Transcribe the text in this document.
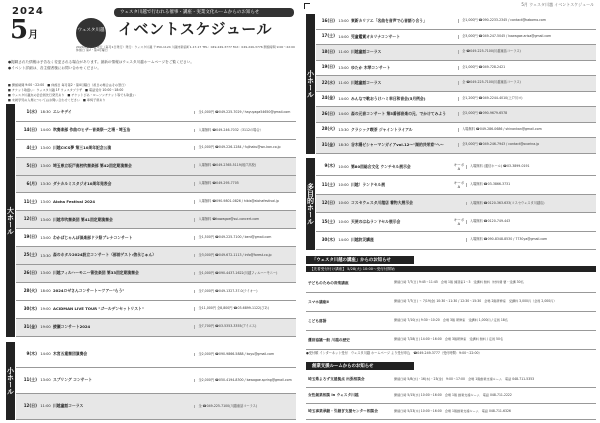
5月 ウェスタ川越 イベントスケジュール
2024
5月	ウェスタ川越
ウェスタ川越で行われる催事・講座・実業文化ルームからのお知らせ
イベントスケジュール
2024年5月1日発行（毎月1日発行）発行：ウェスタ川越 〒350-1124 川越市新宿町1-17-17 TEL：049-249-3777 FAX：049-249-3776 開館時間 9:00～22:00 休館日 第2・第4月曜日
●掲載された情報は予告なく変更される場合があります。最新の情報はウェスタ川越ホームページをご覧ください。
●イベント詳細は、各主催者様にお問い合わせください。
■ 開館時間 9:00～22:00　■ 休館日 毎月第2・第4月曜日（祝日の場合はその翌日）
■ チケット取扱い：ウェスタ川越 1F ウェスタプラザ　■ 電話受付 10:00～18:00
■ ウェスタ川越友の会会員先行発売あり　■ チケットぴあ・ローソンチケット等でも取扱い
■ 未就学児の入場についてはお問い合わせください　■ 車椅子席あり
大ホール
1(水) 18:30 エレキデイ	全1,000円 ☎049-225-7029 / hayuyaga54650@gmail.com
14(日) 14:00 吹奏楽部 作曲のヒザー音楽祭一之場・埼玉治	入場無料 ☎049-246-7032（3112の場合）
4(土) 13:00 川越CICS夢 第三10周年記念公演	全1,000円 ☎049-226-1284 / fujihaku@wn-kan.co.jp
5(日) 13:00 埼玉県立坂戸高校吹奏楽部 第42回定期演奏会	入場無料 ☎049-2365-5119(坂戸高校)
6(月) 13:30 ダナカルミスタジオ10周年発表会	入場無料 ☎049-295-7705
11(土) 13:00 Aloha Festival 2024	入場無料 ☎090-9801-0826 / hibis@alohafestival.jp
12(日) 13:00 川越市吹奏楽団 第41回定期演奏会	入場無料 ☎kawagoe@sui-concert.com
19(日) 13:00 わかばじゃんぼ倶楽部ドラ祭プレナコンサート	全1,500円 ☎049-225-7100 / beni@gmail.com
25(土) 13:30 森のホタル2024設立コンサート（部前ゲスト:信永じゅん）	全3,000円 ☎049-672-1113 / info@forest.co.jp
26(日) 13:00 川越フィルハーモニー管弦楽団 第33回定期演奏会	全1,000円 ☎090-4437-1622(川越フィルハーモニー)
28(火) 18:00 2024ロゼさんコンサート〜ツアー"らう"	全7,000円 ☎049-1327-37.0(テイオー)
30(木) 19:00 ACIDMAN LIVE TOUR "ゴールデンセットリスト"	全11,000円 全8,800円 ☎03-6899-1122(ぴあ)
31(金) 19:00 綾瀬コンサート2024	全7,700円 ☎03-5353-3355(アイエス)
小ホール
9(木) 14:00 木宮五重奏団演奏会	全2,000円 ☎090-9866-5888 / koyu@gmail.com
11(土) 13:00 スプリング コンサート	全2,000円 ☎050-4194-8300 / kawagoe.spring@gmail.com
12(日) 11:00 川越童話コーラス	全 ☎049-225-7100(川越童話コーラス)
小ホール
16(日) 13:00 東新カリソエ「名曲を音声で心音語り合う」	全1,000円 ☎090-2233-2345 / contact@kabomo.com
17(土) 14:00 児童鑑賞オカリナコンサート	全3,000円 ☎049-247-5045 / kawagoe.arisa@gmail.com
18(日) 11:00 川越童話コーラス	全 ☎049-225-7100(川越童話コーラス)
19(日) 13:00 ゆたか 木琴コンサート	全1,000円 ☎049-728-2421
22(水) 11:00 川越童話コーラス	全 ☎049-225-7100(川越童話コーラス)
24(金) 14:00 みんなで歌おうけハミ幸日和音会(5月例会)	全1,200円 ☎049-2244-4010(上戸川ヨ)
26(日) 14:00 森の元音コンサート 第5番部音楽の元、でかけてみよう	全2,000円 ☎090-9679-6578
28(火) 13:30 クラシック喫茶 ジャイントライアル	入場無料 ☎049-286-0686 / shinonkan@gmail.com
31(金) 18:30 谷木陽ビシャーマンガイアvol.12〜"湖的共栄家"へ〜	全3,000円 ☎049-246-7943 / contact@ocarina.jp
多目的ホール
9(木) 10:00 第80回総合文化 ウンチセル展示会	キーボ A
入場無料 (通信ホール) ☎03-3899-0191
11(土) 10:00 川越！ランドセル展	キーボ A
入場無料 ☎03-3866-3731
12(日) 10:00 コスセウェスタ川越店 着物大展示会	入場無料 ☎0120-363-633(コスセウェスタ川越店)
15(土) 10:00 天使のはねランドセル展示会	キーボ A
入場無料 ☎0120-749-443
30(木) 14:00 川越防災講座	入場無料 ☎090-8348-8530 / 7730ya@gmail.com
「ウェスタ川越の講座」からのお知らせ
【先着受付付け講座】 5/28(火) 10:00〜受付付開始
子どものための音楽講座	開催日時 7/7(日) 9:45〜11:45　会場 1階 練習室1〜3　受講料 無料（材料費 要・受講 30名
スマホ講座Ⅱ	開催日時 7/7(日) 〜 7/19(金) 10:30〜11:30 / 12:30〜15:30　会場 2階研修室　受講料 3,000円（会員 2,000円）
こども落語	開催日時 7/10(水) 9:30〜10:20　会場 3階 研修室　受講料 1,000円 / 定員 18名
運営協議一般 川越の歴史	開催日時 7/28(日) 14:00〜16:00　会場 3階研修室　受講料 無料 / 定員 50名
●受付順 インターネット受付　ウェスタ川越 ホームページ より受付申込　☎049-249-3777（受付時間：9:00〜22:00）
創業支援ルームからのお知らせ
埼玉県よろず支援拠点 出張相談会	開催日時 5/8(水)・16(木)・23(金)　9:00〜17:00　会場 1階創業支援ルーム　電話 048-711-5353
女性創業相談 in ウェスタ川越	開催日時 5/15(水) 10:00〜16:00　会場 1階 創業支援ルーム　電話 048-711-2222
埼玉事業承継・引継ぎ支援センター相談会	開催日時 5/23(木) 10:00〜16:00　会場 1階創業支援ルーム　電話 048-711-6326
